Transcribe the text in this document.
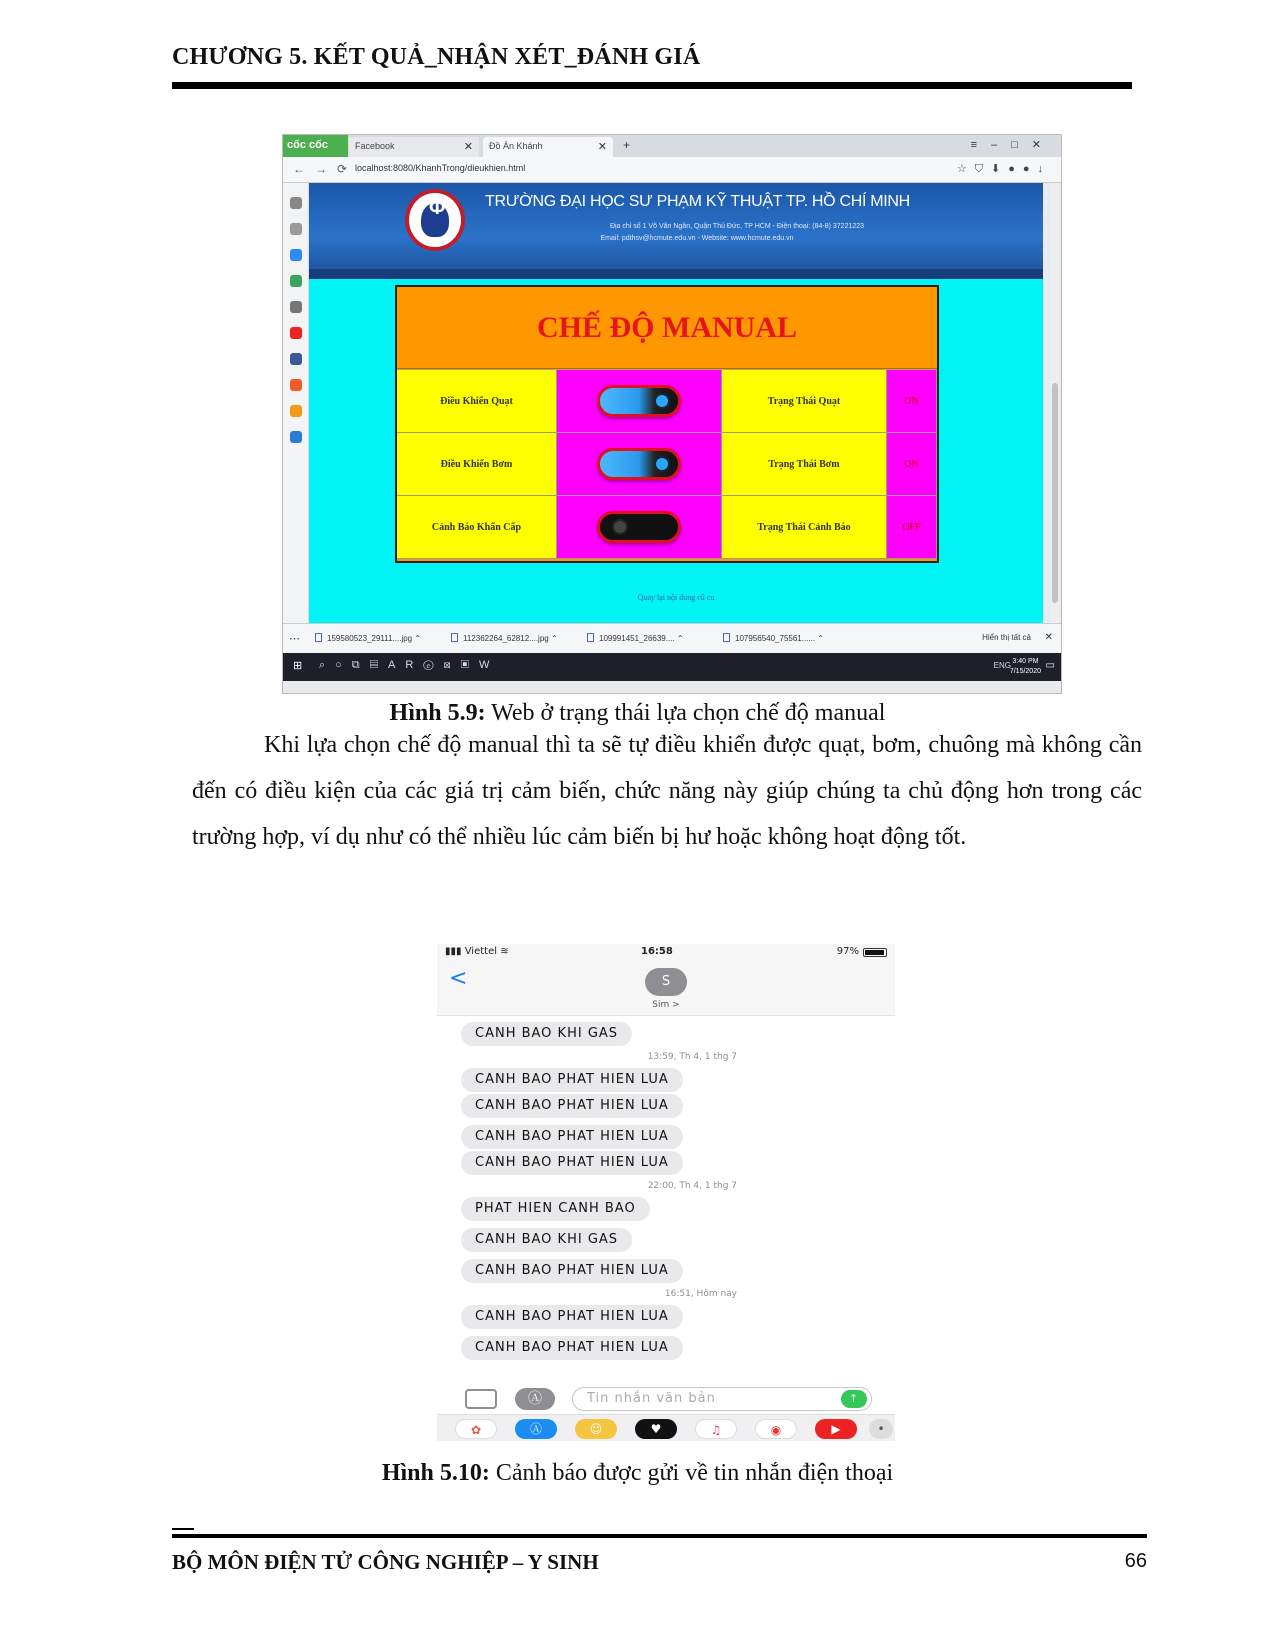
CHƯƠNG 5. KẾT QUẢ_NHẬN XÉT_ĐÁNH GIÁ
cốc cốc	Facebook	✕	Đồ Án Khánh	✕ +	≡–□✕
←→⟳
localhost:8080/KhanhTrong/dieukhien.html	☆⛉⬇●●↓
Φ TRƯỜNG ĐẠI HỌC SƯ PHẠM KỸ THUẬT TP. HỒ CHÍ MINH
Địa chỉ số 1 Võ Văn Ngân, Quận Thủ Đức, TP HCM - Điện thoại: (84-8) 37221223
Email: pdthsv@hcmute.edu.vn - Website: www.hcmute.edu.vn
CHẾ ĐỘ MANUAL
Điều Khiển Quạt	Trạng Thái Quạt	ON
Điều Khiển Bơm	Trạng Thái Bơm	ON
Cảnh Báo Khẩn Cấp	Trạng Thái Cảnh Báo	OFF
Quay lại nội dung cũ cu
⋯	159580523_29111....jpg ⌃	112362264_62812....jpg ⌃	109991451_26639.... ⌃	107956540_75561...... ⌃	Hiển thị tất cả ✕
⊞ ⌕○⧉▤ARⓔ⊠▣W	ENG 3:40 PM
7/15/2020
▭
Hình 5.9: Web ở trạng thái lựa chọn chế độ manual
Khi lựa chọn chế độ manual thì ta sẽ tự điều khiển được quạt, bơm, chuông mà không cần đến có điều kiện của các giá trị cảm biến, chức năng này giúp chúng ta chủ động hơn trong các trường hợp, ví dụ như có thể nhiều lúc cảm biến bị hư hoặc không hoạt động tốt.
▮▮▮ Viettel ≋	16:58	97%
<	S
Sim >
CANH BAO KHI GAS
13:59, Th 4, 1 thg 7
CANH BAO PHAT HIEN LUA
CANH BAO PHAT HIEN LUA
CANH BAO PHAT HIEN LUA
CANH BAO PHAT HIEN LUA
22:00, Th 4, 1 thg 7
PHAT HIEN CANH BAO
CANH BAO KHI GAS
CANH BAO PHAT HIEN LUA
16:51, Hôm nay
CANH BAO PHAT HIEN LUA
CANH BAO PHAT HIEN LUA
Ⓐ	Tin nhắn văn bản	↑
✿	Ⓐ	☺	♥	♫	◉	▶	•
Hình 5.10: Cảnh báo được gửi về tin nhắn điện thoại
BỘ MÔN ĐIỆN TỬ CÔNG NGHIỆP – Y SINH	66
